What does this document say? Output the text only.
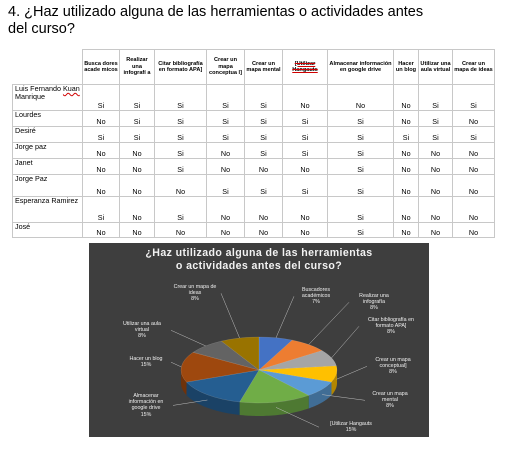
4. ¿Haz utilizado alguna de las herramientas o actividades antes
del curso?
	Busca dores acade micos	Realizar una infografí a	Citar bibliografía en formato APA]	Crear un mapa conceptua l]	Crear un mapa mental	[Utilizar Hangauts	Almacenar información en google drive	Hacer un blog	Utilizar una aula virtual	Crear un mapa de ideas
Luis Fernando Kuan Manrique	Si	Si	Si	Si	Si	No	No	No	Si	Si
Lourdes	No	Si	Si	Si	Si	Si	Si	No	Si	No
Desiré	Si	Si	Si	Si	Si	Si	Si	Si	Si	Si
Jorge paz	No	No	Si	No	Si	Si	Si	No	No	No
Janet	No	No	Si	No	No	No	Si	No	No	No
Jorge Paz	No	No	No	Si	Si	Si	Si	No	No	No
Esperanza Ramirez	Si	No	Si	No	No	No	Si	No	No	No
José	No	No	No	No	No	No	Si	No	No	No
¿Haz utilizado alguna de las herramientas
o actividades antes del curso?
Buscadores
académicos
7%
Realizar una
infografía
8%
Citar bibliografía en
formato APA]
8%
Crear un mapa
conceptual]
8%
Crear un mapa
mental
8%
[Utilizar Hangauts
15%
Almacenar
información en
google drive
15%
Hacer un blog
15%
Utilizar una aula
virtual
8%
Crear un mapa de
ideas
8%
